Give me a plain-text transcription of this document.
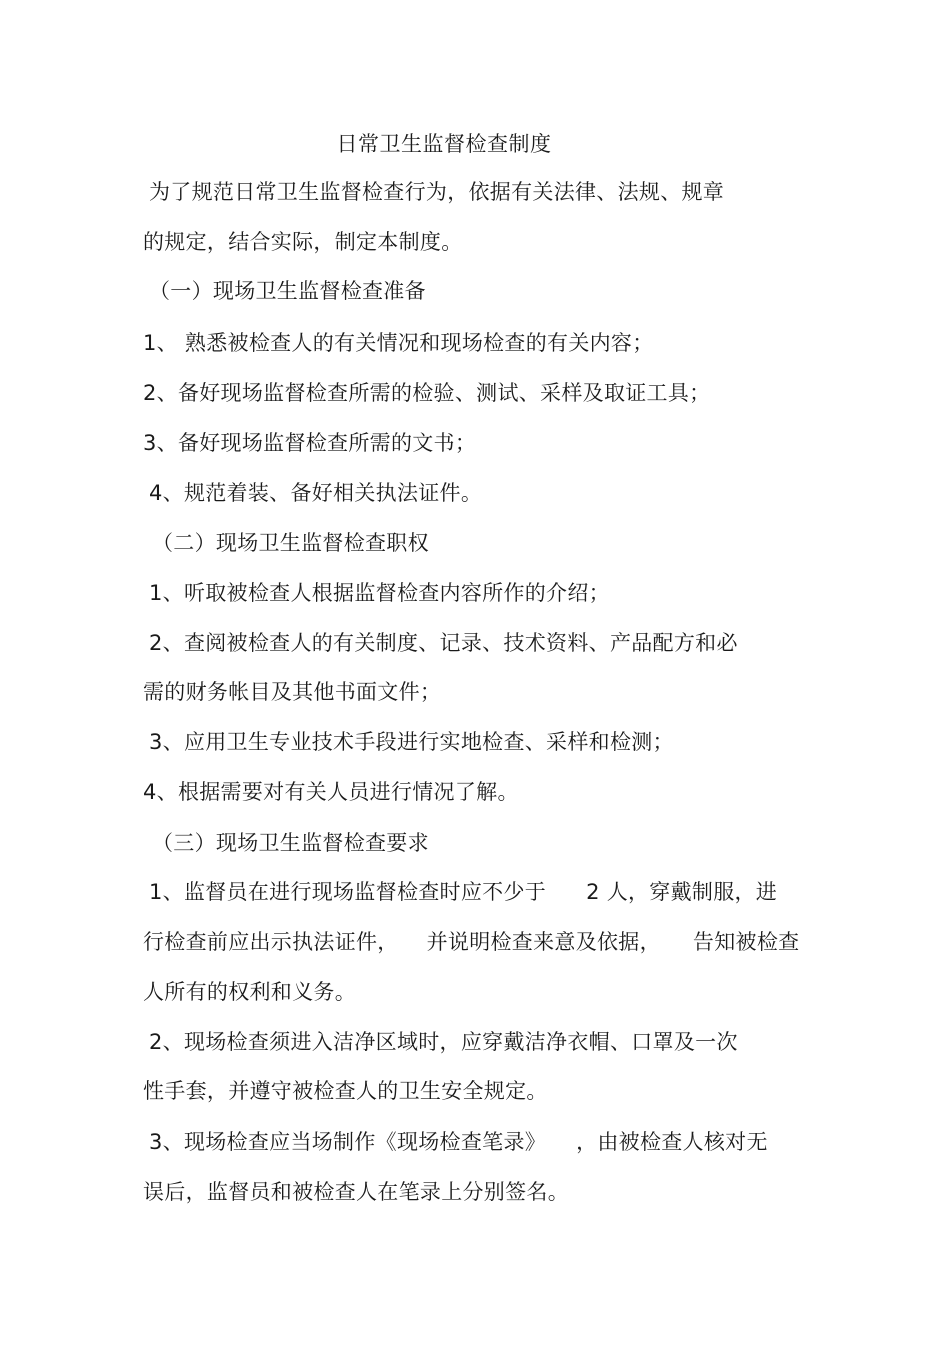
日常卫生监督检查制度
为了规范日常卫生监督检查行为，依据有关法律、法规、规章
的规定，结合实际，制定本制度。
（一）现场卫生监督检查准备
1、 熟悉被检查人的有关情况和现场检查的有关内容；
2、备好现场监督检查所需的检验、测试、采样及取证工具；
3、备好现场监督检查所需的文书；
4、规范着装、备好相关执法证件。
（二）现场卫生监督检查职权
1、听取被检查人根据监督检查内容所作的介绍；
2、查阅被检查人的有关制度、记录、技术资料、产品配方和必
需的财务帐目及其他书面文件；
3、应用卫生专业技术手段进行实地检查、采样和检测；
4、根据需要对有关人员进行情况了解。
（三）现场卫生监督检查要求
1、监督员在进行现场监督检查时应不少于 2 人，穿戴制服，进
行检查前应出示执法证件， 并说明检查来意及依据， 告知被检查
人所有的权利和义务。
2、现场检查须进入洁净区域时，应穿戴洁净衣帽、口罩及一次
性手套，并遵守被检查人的卫生安全规定。
3、现场检查应当场制作《现场检查笔录》 ，由被检查人核对无
误后，监督员和被检查人在笔录上分别签名。
